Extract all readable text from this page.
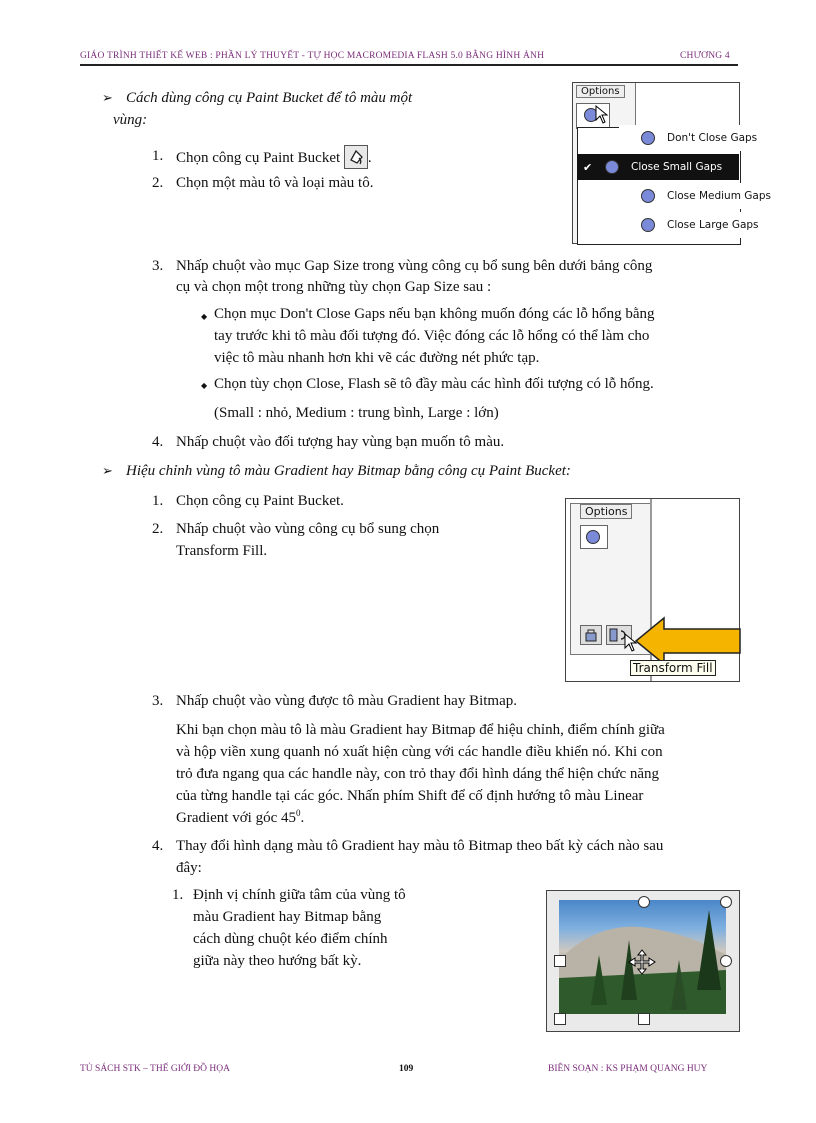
GIÁO TRÌNH THIẾT KẾ WEB : PHẦN LÝ THUYẾT - TỰ HỌC MACROMEDIA FLASH 5.0 BẰNG HÌNH ẢNH	CHƯƠNG 4
➢ Cách dùng công cụ Paint Bucket để tô màu một
vùng:
1. Chọn công cụ Paint Bucket .
2. Chọn một màu tô và loại màu tô.
Options
Don't Close Gaps
✔	Close Small Gaps
Close Medium Gaps
Close Large Gaps
3. Nhấp chuột vào mục Gap Size trong vùng công cụ bổ sung bên dưới bảng công
cụ và chọn một trong những tùy chọn Gap Size sau :
◆ Chọn mục Don't Close Gaps nếu bạn không muốn đóng các lỗ hổng bằng
tay trước khi tô màu đối tượng đó. Việc đóng các lỗ hổng có thể làm cho
việc tô màu nhanh hơn khi vẽ các đường nét phức tạp.
◆ Chọn tùy chọn Close, Flash sẽ tô đầy màu các hình đối tượng có lỗ hổng.
(Small : nhỏ, Medium : trung bình, Large : lớn)
4. Nhấp chuột vào đối tượng hay vùng bạn muốn tô màu.
➢ Hiệu chỉnh vùng tô màu Gradient hay Bitmap bằng công cụ Paint Bucket:
1. Chọn công cụ Paint Bucket.
2. Nhấp chuột vào vùng công cụ bổ sung chọn
Transform Fill.
Options
Transform Fill
3. Nhấp chuột vào vùng được tô màu Gradient hay Bitmap.
Khi bạn chọn màu tô là màu Gradient hay Bitmap để hiệu chỉnh, điểm chính giữa
và hộp viền xung quanh nó xuất hiện cùng với các handle điều khiển nó. Khi con
trỏ đưa ngang qua các handle này, con trỏ thay đổi hình dáng thể hiện chức năng
của từng handle tại các góc. Nhấn phím Shift để cố định hướng tô màu Linear
Gradient với góc $45^0$.
4. Thay đổi hình dạng màu tô Gradient hay màu tô Bitmap theo bất kỳ cách nào sau
đây:
1. Định vị chính giữa tâm của vùng tô
màu Gradient hay Bitmap bằng
cách dùng chuột kéo điểm chính
giữa này theo hướng bất kỳ.
TỦ SÁCH STK – THẾ GIỚI ĐỒ HỌA	109	BIÊN SOẠN : KS PHẠM QUANG HUY
